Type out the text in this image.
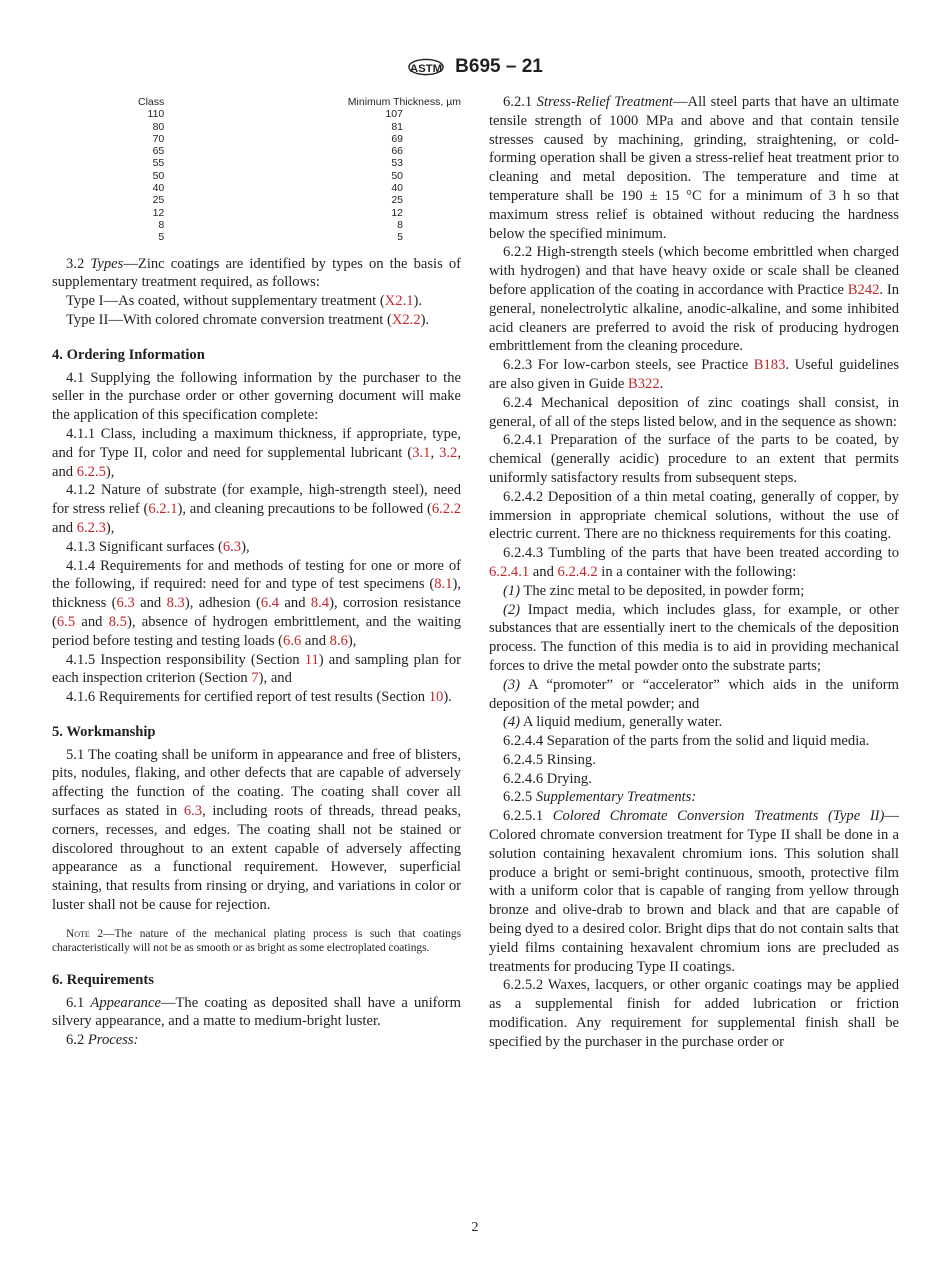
ASTM B695 – 21
Class	Minimum Thickness, µm
110	107
80	81
70	69
65	66
55	53
50	50
40	40
25	25
12	12
8	8
5	5

3.2 Types—Zinc coatings are identified by types on the basis of supplementary treatment required, as follows:

Type I—As coated, without supplementary treatment (X2.1).

Type II—With colored chromate conversion treatment (X2.2).

4. Ordering Information

4.1 Supplying the following information by the purchaser to the seller in the purchase order or other governing document will make the application of this specification complete:

4.1.1 Class, including a maximum thickness, if appropriate, type, and for Type II, color and need for supplemental lubricant (3.1, 3.2, and 6.2.5),

4.1.2 Nature of substrate (for example, high-strength steel), need for stress relief (6.2.1), and cleaning precautions to be followed (6.2.2 and 6.2.3),

4.1.3 Significant surfaces (6.3),

4.1.4 Requirements for and methods of testing for one or more of the following, if required: need for and type of test specimens (8.1), thickness (6.3 and 8.3), adhesion (6.4 and 8.4), corrosion resistance (6.5 and 8.5), absence of hydrogen embrittlement, and the waiting period before testing and testing loads (6.6 and 8.6),

4.1.5 Inspection responsibility (Section 11) and sampling plan for each inspection criterion (Section 7), and

4.1.6 Requirements for certified report of test results (Section 10).

5. Workmanship

5.1 The coating shall be uniform in appearance and free of blisters, pits, nodules, flaking, and other defects that are capable of adversely affecting the function of the coating. The coating shall cover all surfaces as stated in 6.3, including roots of threads, thread peaks, corners, recesses, and edges. The coating shall not be stained or discolored throughout to an extent capable of adversely affecting appearance as a functional requirement. However, superficial staining, that results from rinsing or drying, and variations in color or luster shall not be cause for rejection.

Note 2—The nature of the mechanical plating process is such that coatings characteristically will not be as smooth or as bright as some electroplated coatings.

6. Requirements

6.1 Appearance—The coating as deposited shall have a uniform silvery appearance, and a matte to medium-bright luster.

6.2 Process:

6.2.1 Stress-Relief Treatment—All steel parts that have an ultimate tensile strength of 1000 MPa and above and that contain tensile stresses caused by machining, grinding, straightening, or cold-forming operation shall be given a stress-relief heat treatment prior to cleaning and metal deposition. The temperature and time at temperature shall be 190 ± 15 °C for a minimum of 3 h so that maximum stress relief is obtained without reducing the hardness below the specified minimum.

6.2.2 High-strength steels (which become embrittled when charged with hydrogen) and that have heavy oxide or scale shall be cleaned before application of the coating in accordance with Practice B242. In general, nonelectrolytic alkaline, anodic-alkaline, and some inhibited acid cleaners are preferred to avoid the risk of producing hydrogen embrittlement from the cleaning procedure.

6.2.3 For low-carbon steels, see Practice B183. Useful guidelines are also given in Guide B322.

6.2.4 Mechanical deposition of zinc coatings shall consist, in general, of all of the steps listed below, and in the sequence as shown:

6.2.4.1 Preparation of the surface of the parts to be coated, by chemical (generally acidic) procedure to an extent that permits uniformly satisfactory results from subsequent steps.

6.2.4.2 Deposition of a thin metal coating, generally of copper, by immersion in appropriate chemical solutions, without the use of electric current. There are no thickness requirements for this coating.

6.2.4.3 Tumbling of the parts that have been treated according to 6.2.4.1 and 6.2.4.2 in a container with the following:

(1) The zinc metal to be deposited, in powder form;

(2) Impact media, which includes glass, for example, or other substances that are essentially inert to the chemicals of the deposition process. The function of this media is to aid in providing mechanical forces to drive the metal powder onto the substrate parts;

(3) A “promoter” or “accelerator” which aids in the uniform deposition of the metal powder; and

(4) A liquid medium, generally water.

6.2.4.4 Separation of the parts from the solid and liquid media.

6.2.4.5 Rinsing.

6.2.4.6 Drying.

6.2.5 Supplementary Treatments:

6.2.5.1 Colored Chromate Conversion Treatments (Type II)—Colored chromate conversion treatment for Type II shall be done in a solution containing hexavalent chromium ions. This solution shall produce a bright or semi-bright continuous, smooth, protective film with a uniform color that is capable of ranging from yellow through bronze and olive-drab to brown and black and that are capable of being dyed to a desired color. Bright dips that do not contain salts that yield films containing hexavalent chromium ions are precluded as treatments for producing Type II coatings.

6.2.5.2 Waxes, lacquers, or other organic coatings may be applied as a supplemental finish for added lubrication or friction modification. Any requirement for supplemental finish shall be specified by the purchaser in the purchase order or

2
